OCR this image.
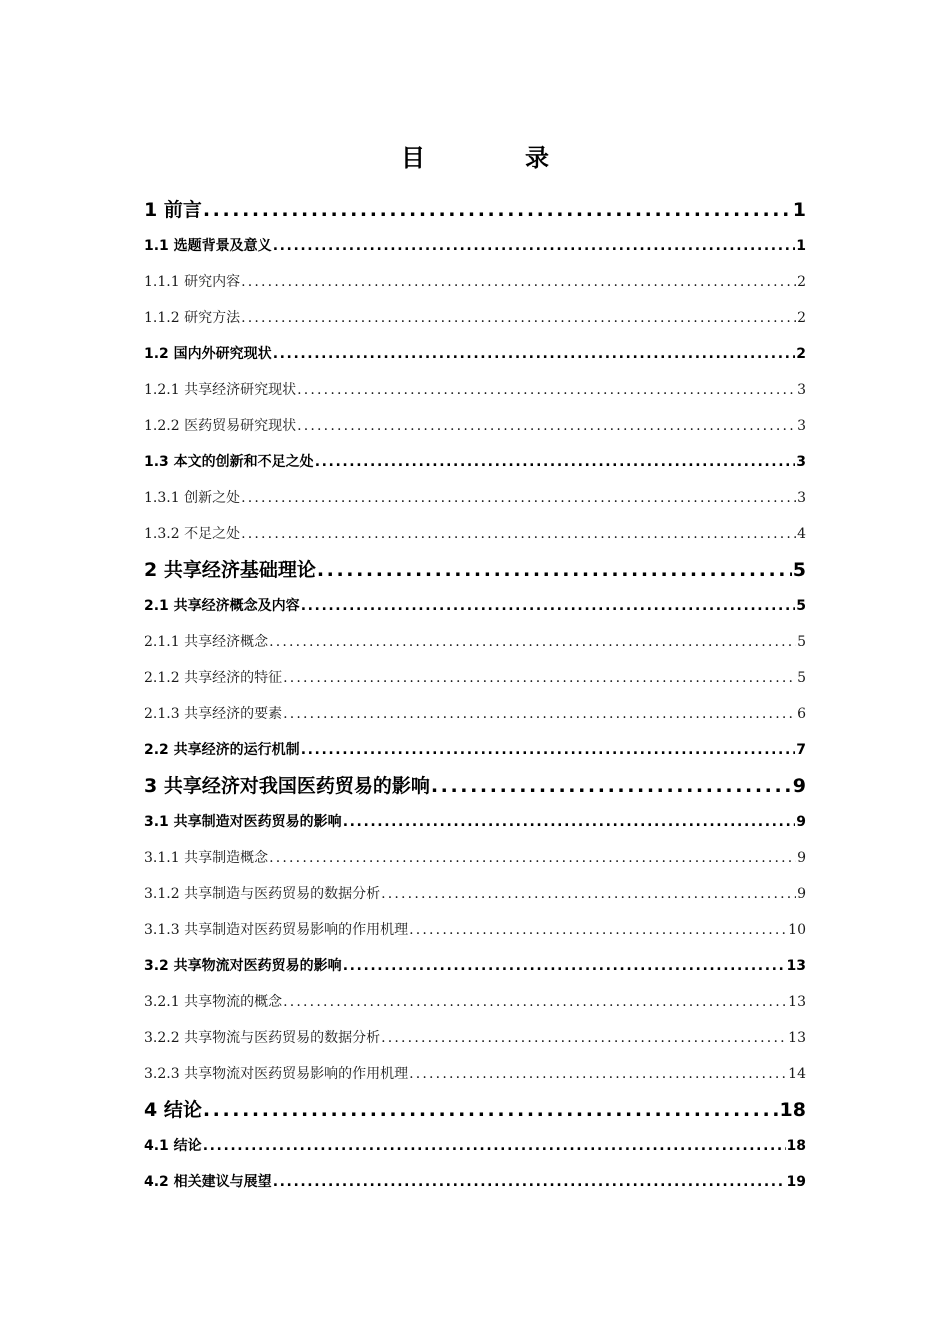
目　录
1 前言 .....	1
1.1 选题背景及意义 .....	1
1.1.1 研究内容 .....	2
1.1.2 研究方法 .....	2
1.2 国内外研究现状 .....	2
1.2.1 共享经济研究现状 .....	3
1.2.2 医药贸易研究现状 .....	3
1.3 本文的创新和不足之处 .....	3
1.3.1 创新之处 .....	3
1.3.2 不足之处 .....	4
2 共享经济基础理论 .....	5
2.1 共享经济概念及内容 .....	5
2.1.1 共享经济概念 .....	5
2.1.2 共享经济的特征 .....	5
2.1.3 共享经济的要素 .....	6
2.2 共享经济的运行机制 .....	7
3 共享经济对我国医药贸易的影响 .....	9
3.1 共享制造对医药贸易的影响 .....	9
3.1.1 共享制造概念 .....	9
3.1.2 共享制造与医药贸易的数据分析 .....	9
3.1.3 共享制造对医药贸易影响的作用机理 .....	10
3.2 共享物流对医药贸易的影响 .....	13
3.2.1 共享物流的概念 .....	13
3.2.2 共享物流与医药贸易的数据分析 .....	13
3.2.3 共享物流对医药贸易影响的作用机理 .....	14
4 结论 .....	18
4.1 结论 .....	18
4.2 相关建议与展望 .....	19
